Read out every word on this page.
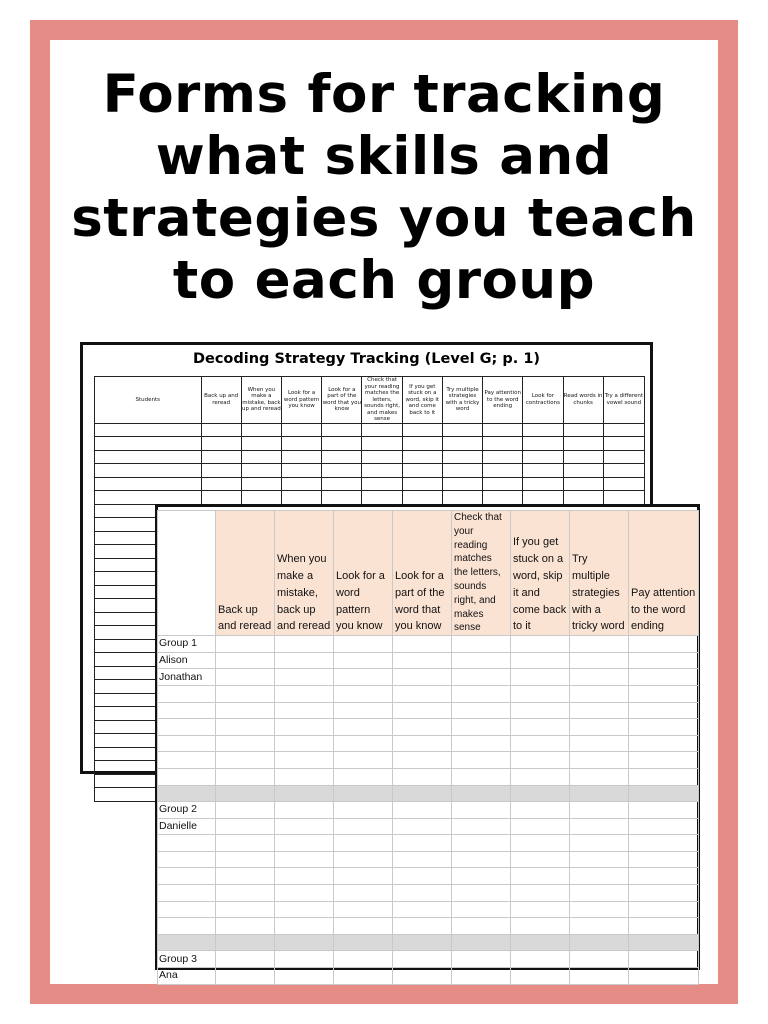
Forms for tracking what skills and strategies you teach to each group
Decoding Strategy Tracking (Level G; p. 1)
Students	Back up and reread	When you make a mistake, back up and reread	Look for a word pattern you know	Look for a part of the word that you know	Check that your reading matches the letters, sounds right, and makes sense	If you get stuck on a word, skip it and come back to it	Try multiple strategies with a tricky word	Pay attention to the word ending	Look for contractions	Read words in chunks	Try a different vowel sound

	Back up and reread	When you make a mistake, back up and reread	Look for a word pattern you know	Look for a part of the word that you know	Check that your reading matches the letters, sounds right, and makes sense	If you get stuck on a word, skip it and come back to it	Try multiple strategies with a tricky word	Pay attention to the word ending
Group 1								
Alison								
Jonathan								

Group 2								
Danielle								

Group 3								
Ana								
